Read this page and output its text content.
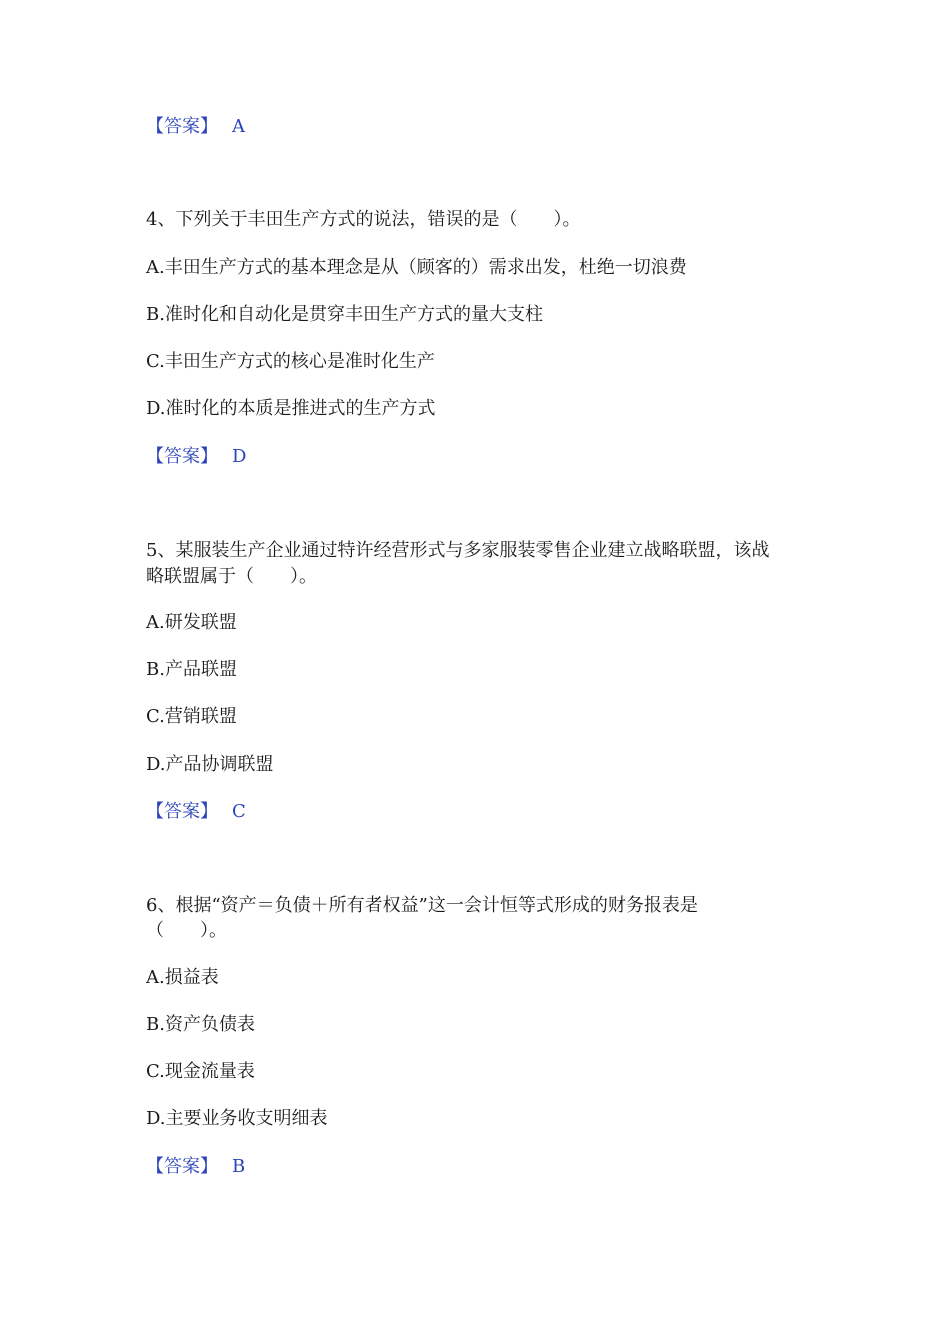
【答案】 A
4、下列关于丰田生产方式的说法，错误的是（　　）。
A.丰田生产方式的基本理念是从（顾客的）需求出发，杜绝一切浪费
B.准时化和自动化是贯穿丰田生产方式的量大支柱
C.丰田生产方式的核心是准时化生产
D.准时化的本质是推进式的生产方式
【答案】 D
5、某服装生产企业通过特许经营形式与多家服装零售企业建立战略联盟，该战
略联盟属于（　　）。
A.研发联盟
B.产品联盟
C.营销联盟
D.产品协调联盟
【答案】 C
6、根据“资产＝负债＋所有者权益”这一会计恒等式形成的财务报表是
（　　）。
A.损益表
B.资产负债表
C.现金流量表
D.主要业务收支明细表
【答案】 B
